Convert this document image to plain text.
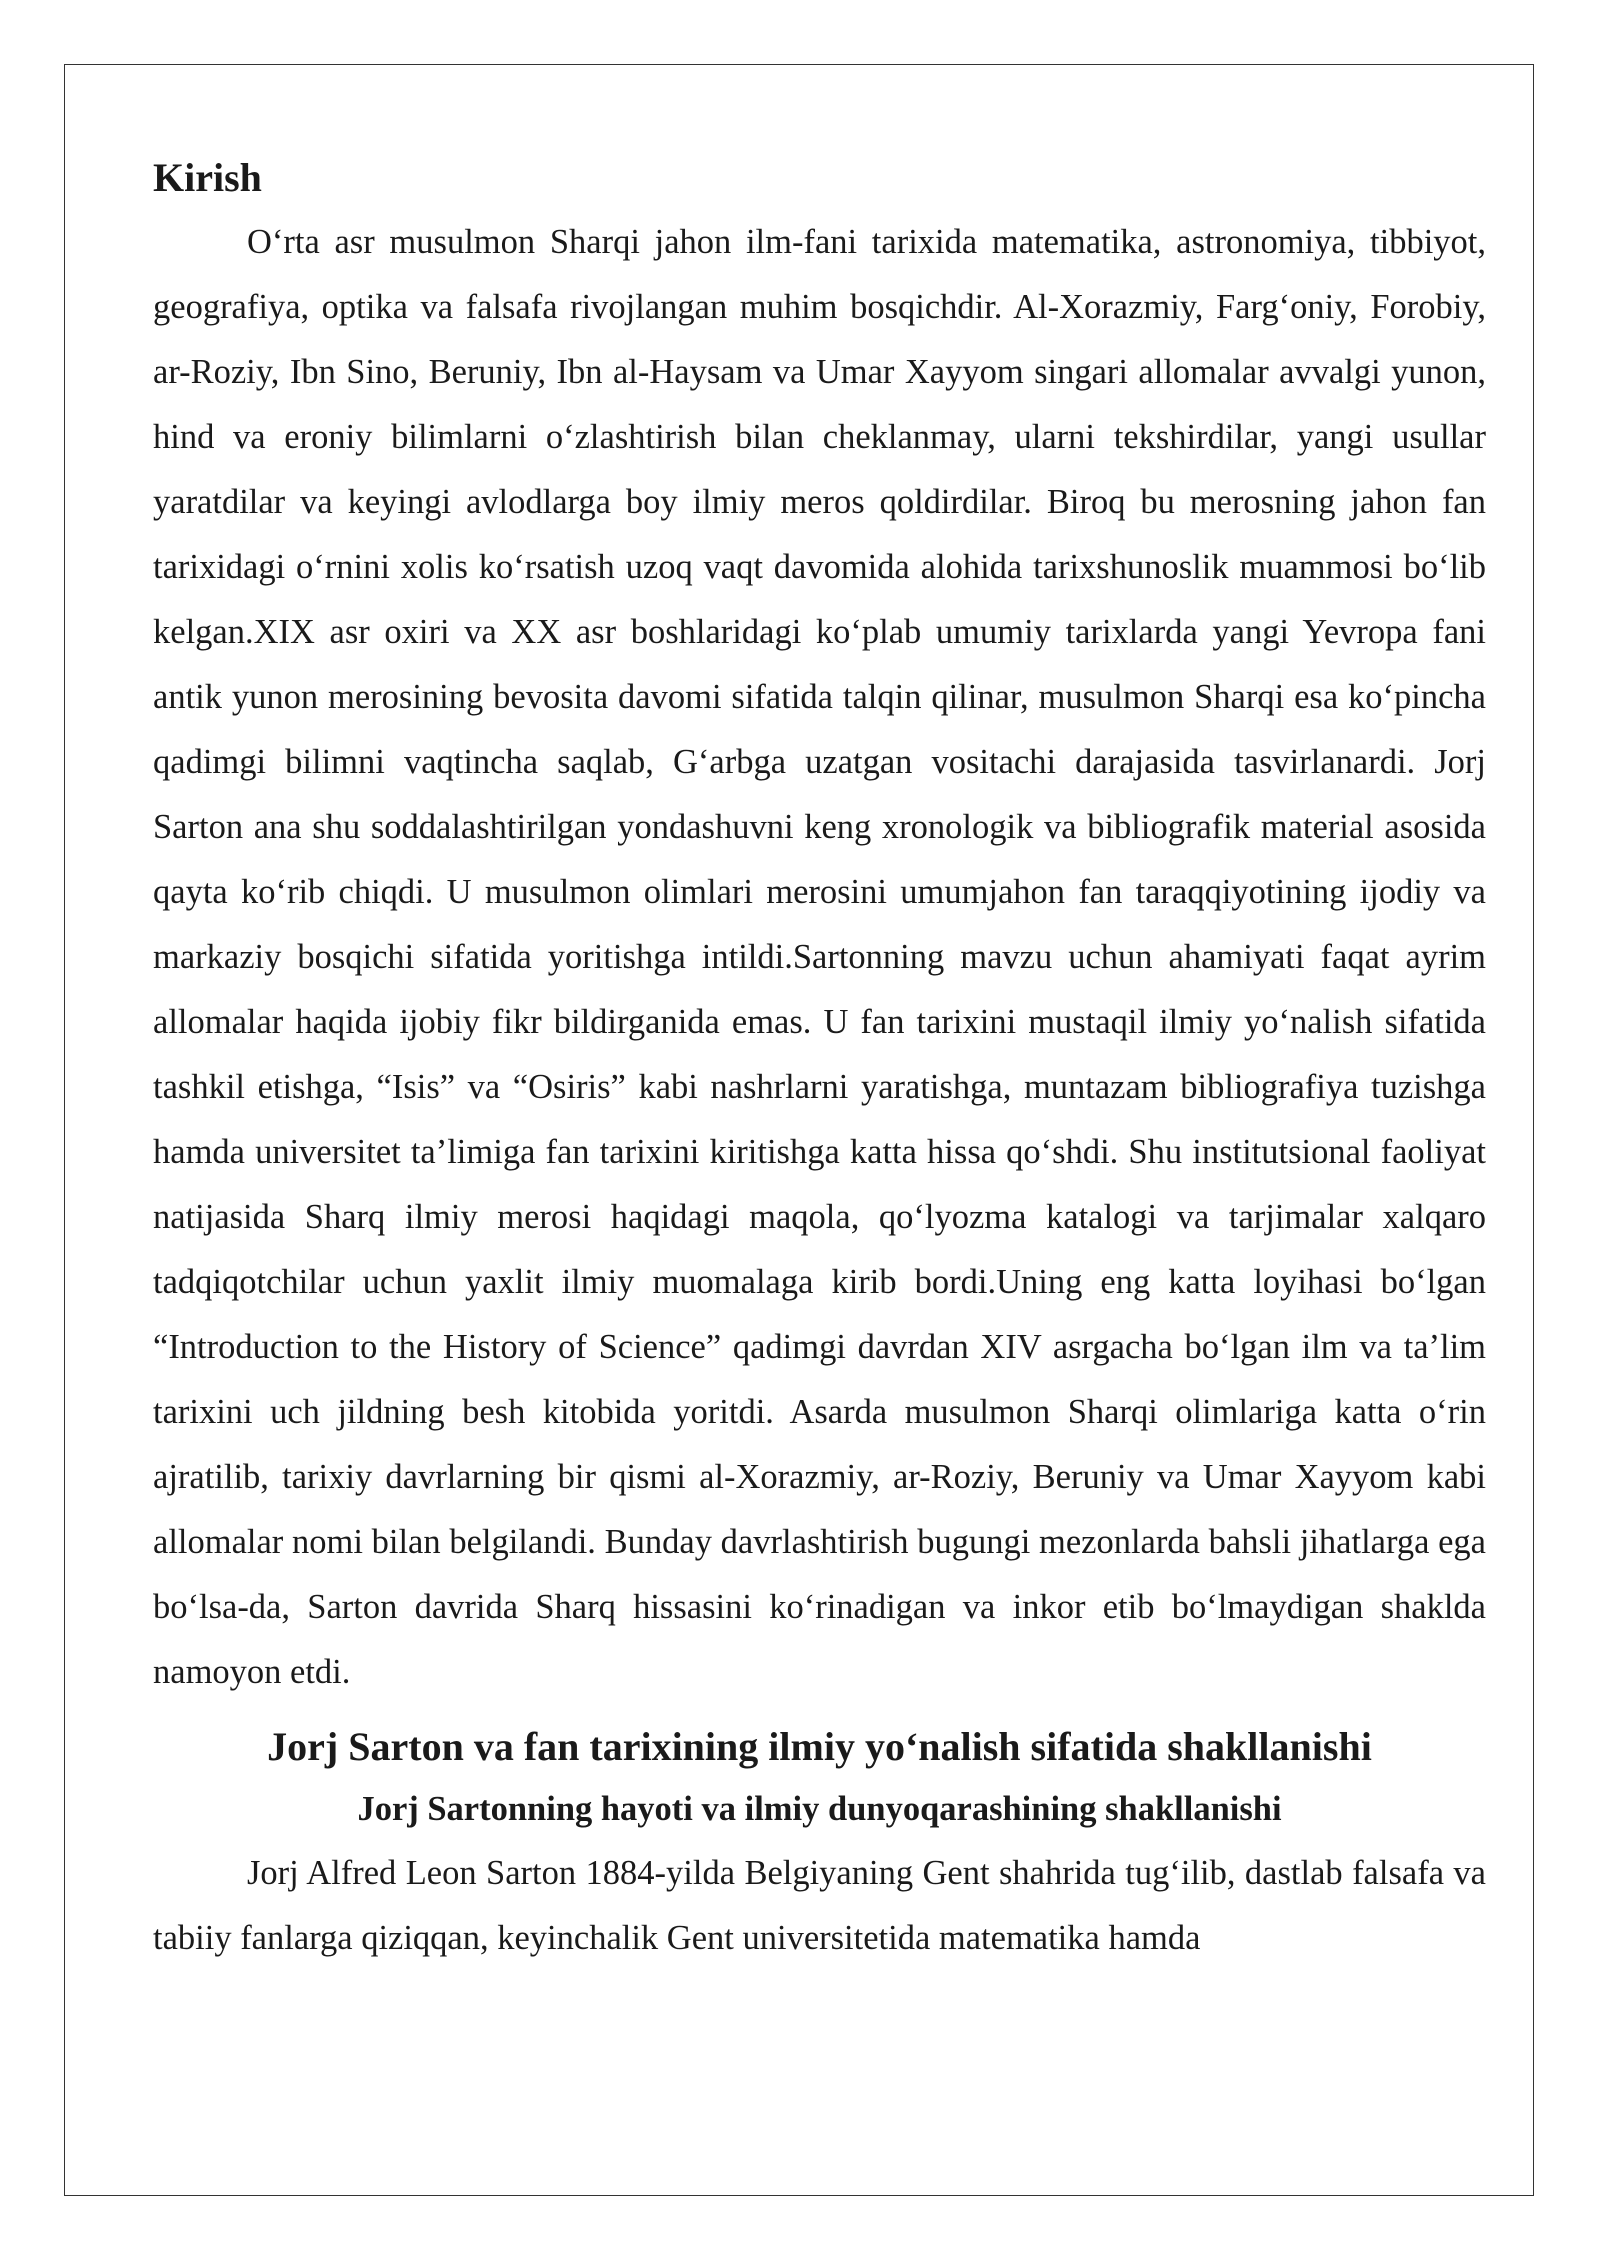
Kirish

O‘rta asr musulmon Sharqi jahon ilm-fani tarixida matematika, astronomiya, tibbiyot, geografiya, optika va falsafa rivojlangan muhim bosqichdir. Al-Xorazmiy, Farg‘oniy, Forobiy, ar-Roziy, Ibn Sino, Beruniy, Ibn al-Haysam va Umar Xayyom singari allomalar avvalgi yunon, hind va eroniy bilimlarni o‘zlashtirish bilan cheklanmay, ularni tekshirdilar, yangi usullar yaratdilar va keyingi avlodlarga boy ilmiy meros qoldirdilar. Biroq bu merosning jahon fan tarixidagi o‘rnini xolis ko‘rsatish uzoq vaqt davomida alohida tarixshunoslik muammosi bo‘lib kelgan.XIX asr oxiri va XX asr boshlaridagi ko‘plab umumiy tarixlarda yangi Yevropa fani antik yunon merosining bevosita davomi sifatida talqin qilinar, musulmon Sharqi esa ko‘pincha qadimgi bilimni vaqtincha saqlab, G‘arbga uzatgan vositachi darajasida tasvirlanardi. Jorj Sarton ana shu soddalashtirilgan yondashuvni keng xronologik va bibliografik material asosida qayta ko‘rib chiqdi. U musulmon olimlari merosini umumjahon fan taraqqiyotining ijodiy va markaziy bosqichi sifatida yoritishga intildi.Sartonning mavzu uchun ahamiyati faqat ayrim allomalar haqida ijobiy fikr bildirganida emas. U fan tarixini mustaqil ilmiy yo‘nalish sifatida tashkil etishga, “Isis” va “Osiris” kabi nashrlarni yaratishga, muntazam bibliografiya tuzishga hamda universitet ta’limiga fan tarixini kiritishga katta hissa qo‘shdi. Shu institutsional faoliyat natijasida Sharq ilmiy merosi haqidagi maqola, qo‘lyozma katalogi va tarjimalar xalqaro tadqiqotchilar uchun yaxlit ilmiy muomalaga kirib bordi.Uning eng katta loyihasi bo‘lgan “Introduction to the History of Science” qadimgi davrdan XIV asrgacha bo‘lgan ilm va ta’lim tarixini uch jildning besh kitobida yoritdi. Asarda musulmon Sharqi olimlariga katta o‘rin ajratilib, tarixiy davrlarning bir qismi al-Xorazmiy, ar-Roziy, Beruniy va Umar Xayyom kabi allomalar nomi bilan belgilandi. Bunday davrlashtirish bugungi mezonlarda bahsli jihatlarga ega bo‘lsa-da, Sarton davrida Sharq hissasini ko‘rinadigan va inkor etib bo‘lmaydigan shaklda namoyon etdi.

Jorj Sarton va fan tarixining ilmiy yo‘nalish sifatida shakllanishi
Jorj Sartonning hayoti va ilmiy dunyoqarashining shakllanishi

Jorj Alfred Leon Sarton 1884-yilda Belgiyaning Gent shahrida tug‘ilib, dastlab falsafa va tabiiy fanlarga qiziqqan, keyinchalik Gent universitetida matematika hamda
